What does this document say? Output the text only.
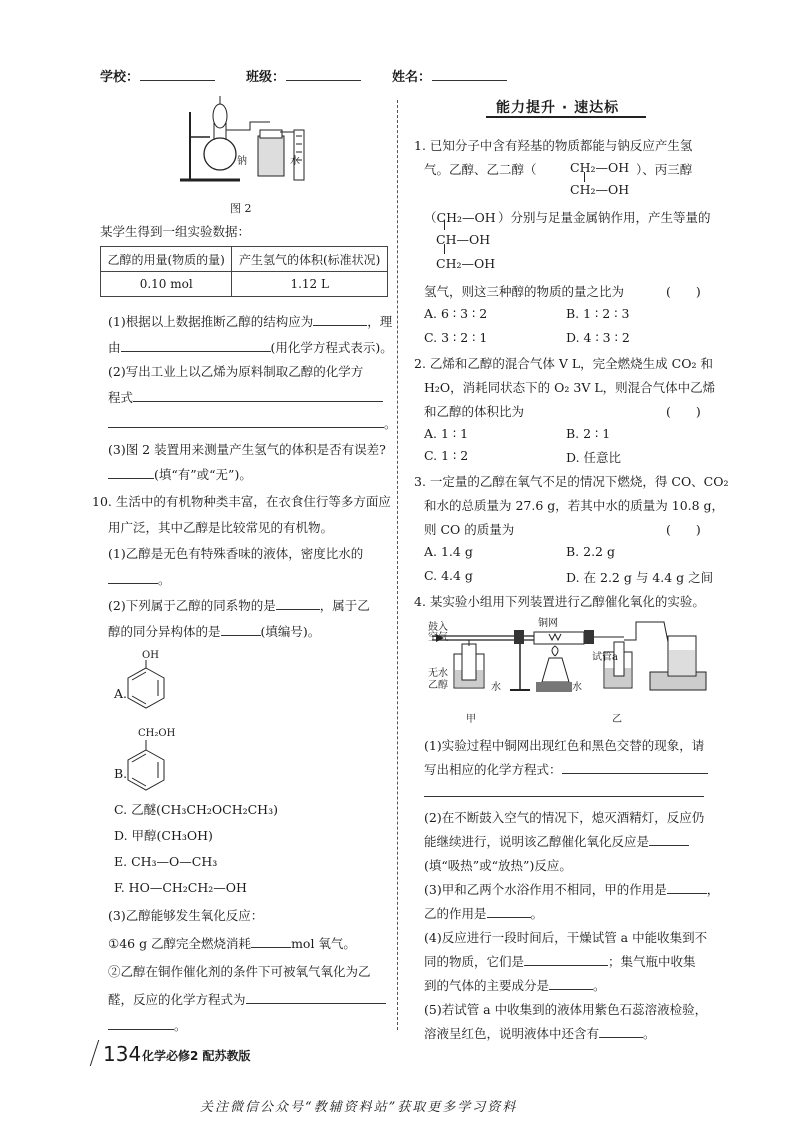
学校：	班级：	姓名：
钠	水
图 2
某学生得到一组实验数据：
乙醇的用量(物质的量)	产生氢气的体积(标准状况)
0.10 mol	1.12 L
(1)根据以上数据推断乙醇的结构应为	，理
由	(用化学方程式表示)。
(2)写出工业上以乙烯为原料制取乙醇的化学方
程式
。
(3)图 2 装置用来测量产生氢气的体积是否有误差?
(填“有”或“无”)。
10. 生活中的有机物种类丰富，在衣食住行等多方面应
用广泛，其中乙醇是比较常见的有机物。
(1)乙醇是无色有特殊香味的液体，密度比水的
。
(2)下列属于乙醇的同系物的是	，属于乙
醇的同分异构体的是	(填编号)。
OH
A.
CH₂OH
B.
C. 乙醚(CH₃CH₂OCH₂CH₃)
D. 甲醇(CH₃OH)
E. CH₃—O—CH₃
F. HO—CH₂CH₂—OH
(3)乙醇能够发生氧化反应：
①46 g 乙醇完全燃烧消耗	mol 氧气。
②乙醇在铜作催化剂的条件下可被氧气氧化为乙
醛，反应的化学方程式为
。
能力提升 · 速达标
1. 已知分子中含有羟基的物质都能与钠反应产生氢
气。乙醇、乙二醇（	CH₂—OH
CH₂—OH
）、丙三醇
（CH₂—OH
CH—OH
CH₂—OH
）分别与足量金属钠作用，产生等量的
氢气，则这三种醇的物质的量之比为	(　　)
A. 6 ∶ 3 ∶ 2	B. 1 ∶ 2 ∶ 3
C. 3 ∶ 2 ∶ 1	D. 4 ∶ 3 ∶ 2
2. 乙烯和乙醇的混合气体 V L，完全燃烧生成 CO₂ 和
H₂O，消耗同状态下的 O₂ 3V L，则混合气体中乙烯
和乙醇的体积比为	(　　)
A. 1 ∶ 1	B. 2 ∶ 1
C. 1 ∶ 2	D. 任意比
3. 一定量的乙醇在氧气不足的情况下燃烧，得 CO、CO₂
和水的总质量为 27.6 g，若其中水的质量为 10.8 g，
则 CO 的质量为	(　　)
A. 1.4 g	B. 2.2 g
C. 4.4 g	D. 在 2.2 g 与 4.4 g 之间
4. 某实验小组用下列装置进行乙醇催化氧化的实验。
鼓入
空气
铜网
试管a
无水
乙醇	水	水
甲	乙
(1)实验过程中铜网出现红色和黑色交替的现象，请
写出相应的化学方程式：
(2)在不断鼓入空气的情况下，熄灭酒精灯，反应仍
能继续进行，说明该乙醇催化氧化反应是
(填“吸热”或“放热”)反应。
(3)甲和乙两个水浴作用不相同，甲的作用是	，
乙的作用是	。
(4)反应进行一段时间后，干燥试管 a 中能收集到不
同的物质，它们是	；集气瓶中收集
到的气体的主要成分是	。
(5)若试管 a 中收集到的液体用紫色石蕊溶液检验，
溶液呈红色，说明液体中还含有	。
134 化学必修2 配苏教版
关注微信公众号“教辅资料站”获取更多学习资料
